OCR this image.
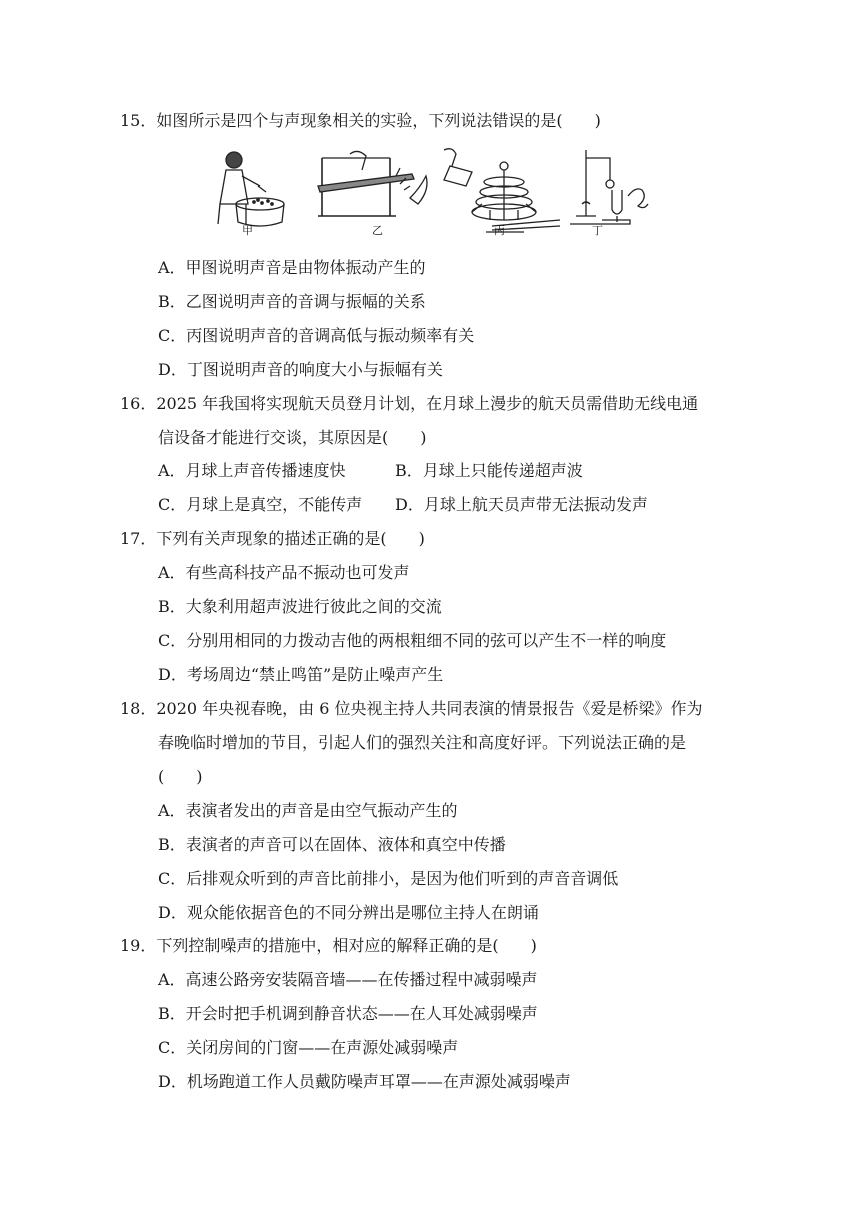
15．如图所示是四个与声现象相关的实验，下列说法错误的是(　　)
甲	乙	丙	丁
A．甲图说明声音是由物体振动产生的
B．乙图说明声音的音调与振幅的关系
C．丙图说明声音的音调高低与振动频率有关
D．丁图说明声音的响度大小与振幅有关
16．2025 年我国将实现航天员登月计划，在月球上漫步的航天员需借助无线电通
信设备才能进行交谈，其原因是(　　)
A．月球上声音传播速度快	B．月球上只能传递超声波
C．月球上是真空，不能传声 D．月球上航天员声带无法振动发声
17．下列有关声现象的描述正确的是(　　)
A．有些高科技产品不振动也可发声
B．大象利用超声波进行彼此之间的交流
C．分别用相同的力拨动吉他的两根粗细不同的弦可以产生不一样的响度
D．考场周边“禁止鸣笛”是防止噪声产生
18．2020 年央视春晚，由 6 位央视主持人共同表演的情景报告《爱是桥梁》作为
春晚临时增加的节目，引起人们的强烈关注和高度好评。下列说法正确的是
(　　)
A．表演者发出的声音是由空气振动产生的
B．表演者的声音可以在固体、液体和真空中传播
C．后排观众听到的声音比前排小，是因为他们听到的声音音调低
D．观众能依据音色的不同分辨出是哪位主持人在朗诵
19．下列控制噪声的措施中，相对应的解释正确的是(　　)
A．高速公路旁安装隔音墙——在传播过程中减弱噪声
B．开会时把手机调到静音状态——在人耳处减弱噪声
C．关闭房间的门窗——在声源处减弱噪声
D．机场跑道工作人员戴防噪声耳罩——在声源处减弱噪声
